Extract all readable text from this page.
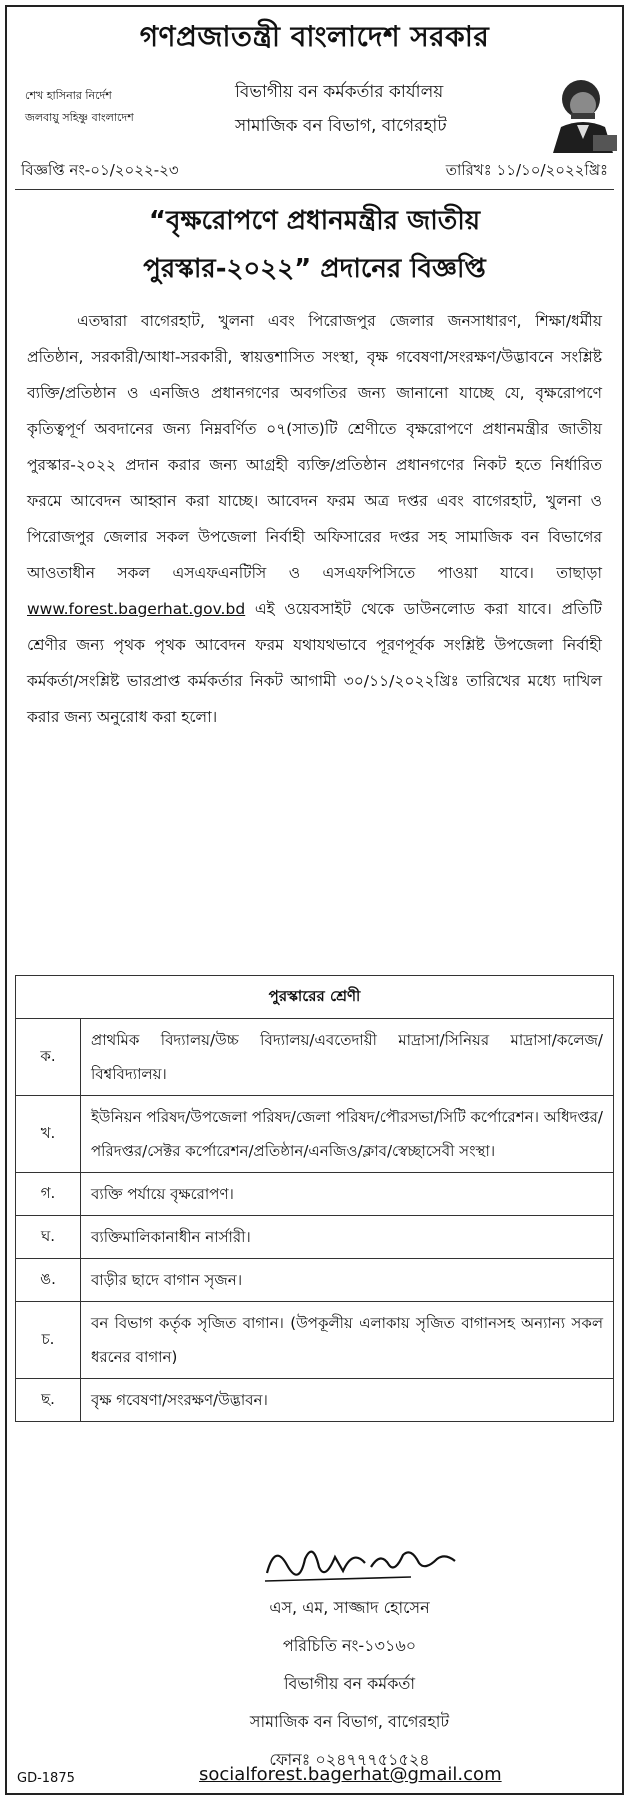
গণপ্রজাতন্ত্রী বাংলাদেশ সরকার
শেখ হাসিনার নির্দেশ
জলবায়ু সহিষ্ণু বাংলাদেশ
বিভাগীয় বন কর্মকর্তার কার্যালয়
সামাজিক বন বিভাগ, বাগেরহাট
বিজ্ঞপ্তি নং-০১/২০২২-২৩	তারিখঃ ১১/১০/২০২২খ্রিঃ
“বৃক্ষরোপণে প্রধানমন্ত্রীর জাতীয়
পুরস্কার-২০২২” প্রদানের বিজ্ঞপ্তি
এতদ্বারা বাগেরহাট, খুলনা এবং পিরোজপুর জেলার জনসাধারণ, শিক্ষা/ধর্মীয় প্রতিষ্ঠান, সরকারী/আধা-সরকারী, স্বায়ত্তশাসিত সংস্থা, বৃক্ষ গবেষণা/সংরক্ষণ/উদ্ভাবনে সংশ্লিষ্ট ব্যক্তি/প্রতিষ্ঠান ও এনজিও প্রধানগণের অবগতির জন্য জানানো যাচ্ছে যে, বৃক্ষরোপণে কৃতিত্বপূর্ণ অবদানের জন্য নিম্নবর্ণিত ০৭(সাত)টি শ্রেণীতে বৃক্ষরোপণে প্রধানমন্ত্রীর জাতীয় পুরস্কার-২০২২ প্রদান করার জন্য আগ্রহী ব্যক্তি/প্রতিষ্ঠান প্রধানগণের নিকট হতে নির্ধারিত ফরমে আবেদন আহ্বান করা যাচ্ছে। আবেদন ফরম অত্র দপ্তর এবং বাগেরহাট, খুলনা ও পিরোজপুর জেলার সকল উপজেলা নির্বাহী অফিসারের দপ্তর সহ সামাজিক বন বিভাগের আওতাধীন সকল এসএফএনটিসি ও এসএফপিসিতে পাওয়া যাবে। তাছাড়া www.forest.bagerhat.gov.bd এই ওয়েবসাইট থেকে ডাউনলোড করা যাবে। প্রতিটি শ্রেণীর জন্য পৃথক পৃথক আবেদন ফরম যথাযথভাবে পূরণপূর্বক সংশ্লিষ্ট উপজেলা নির্বাহী কর্মকর্তা/সংশ্লিষ্ট ভারপ্রাপ্ত কর্মকর্তার নিকট আগামী ৩০/১১/২০২২খ্রিঃ তারিখের মধ্যে দাখিল করার জন্য অনুরোধ করা হলো।
পুরস্কারের শ্রেণী	
ক.	প্রাথমিক বিদ্যালয়/উচ্চ বিদ্যালয়/এবতেদায়ী মাদ্রাসা/সিনিয়র মাদ্রাসা/কলেজ/বিশ্ববিদ্যালয়।
খ.	ইউনিয়ন পরিষদ/উপজেলা পরিষদ/জেলা পরিষদ/পৌরসভা/সিটি কর্পোরেশন। অধিদপ্তর/পরিদপ্তর/সেক্টর কর্পোরেশন/প্রতিষ্ঠান/এনজিও/ক্লাব/স্বেচ্ছাসেবী সংস্থা।
গ.	ব্যক্তি পর্যায়ে বৃক্ষরোপণ।
ঘ.	ব্যক্তিমালিকানাধীন নার্সারী।
ঙ.	বাড়ীর ছাদে বাগান সৃজন।
চ.	বন বিভাগ কর্তৃক সৃজিত বাগান। (উপকূলীয় এলাকায় সৃজিত বাগানসহ অন্যান্য সকল ধরনের বাগান)
ছ.	বৃক্ষ গবেষণা/সংরক্ষণ/উদ্ভাবন।
এস, এম, সাজ্জাদ হোসেন
পরিচিতি নং-১৩১৬০
বিভাগীয় বন কর্মকর্তা
সামাজিক বন বিভাগ, বাগেরহাট
ফোনঃ ০২৪৭৭৭৫১৫২৪
GD-1875	socialforest.bagerhat@gmail.com
